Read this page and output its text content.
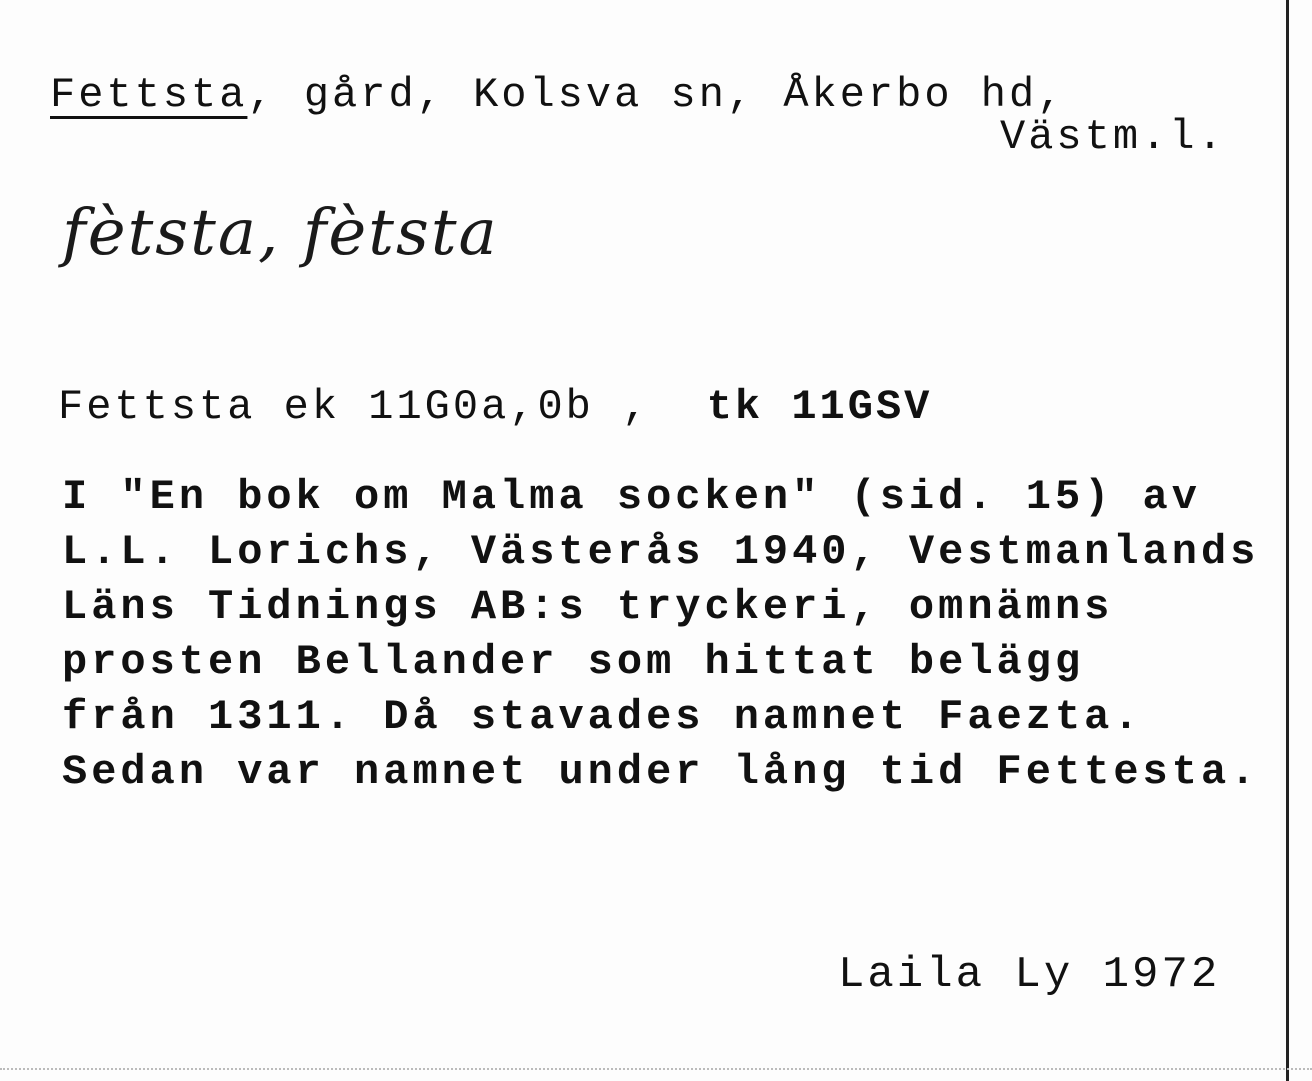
Fettsta, gård, Kolsva sn, Åkerbo hd,
Västm.l.
fètsta, fètsta
Fettsta ek 11G0a,0b , tk 11GSV
I "En bok om Malma socken" (sid. 15) av
L.L. Lorichs, Västerås 1940, Vestmanlands
Läns Tidnings AB:s tryckeri, omnämns
prosten Bellander som hittat belägg
från 1311. Då stavades namnet Faezta.
Sedan var namnet under lång tid Fettesta.
Laila Ly 1972
